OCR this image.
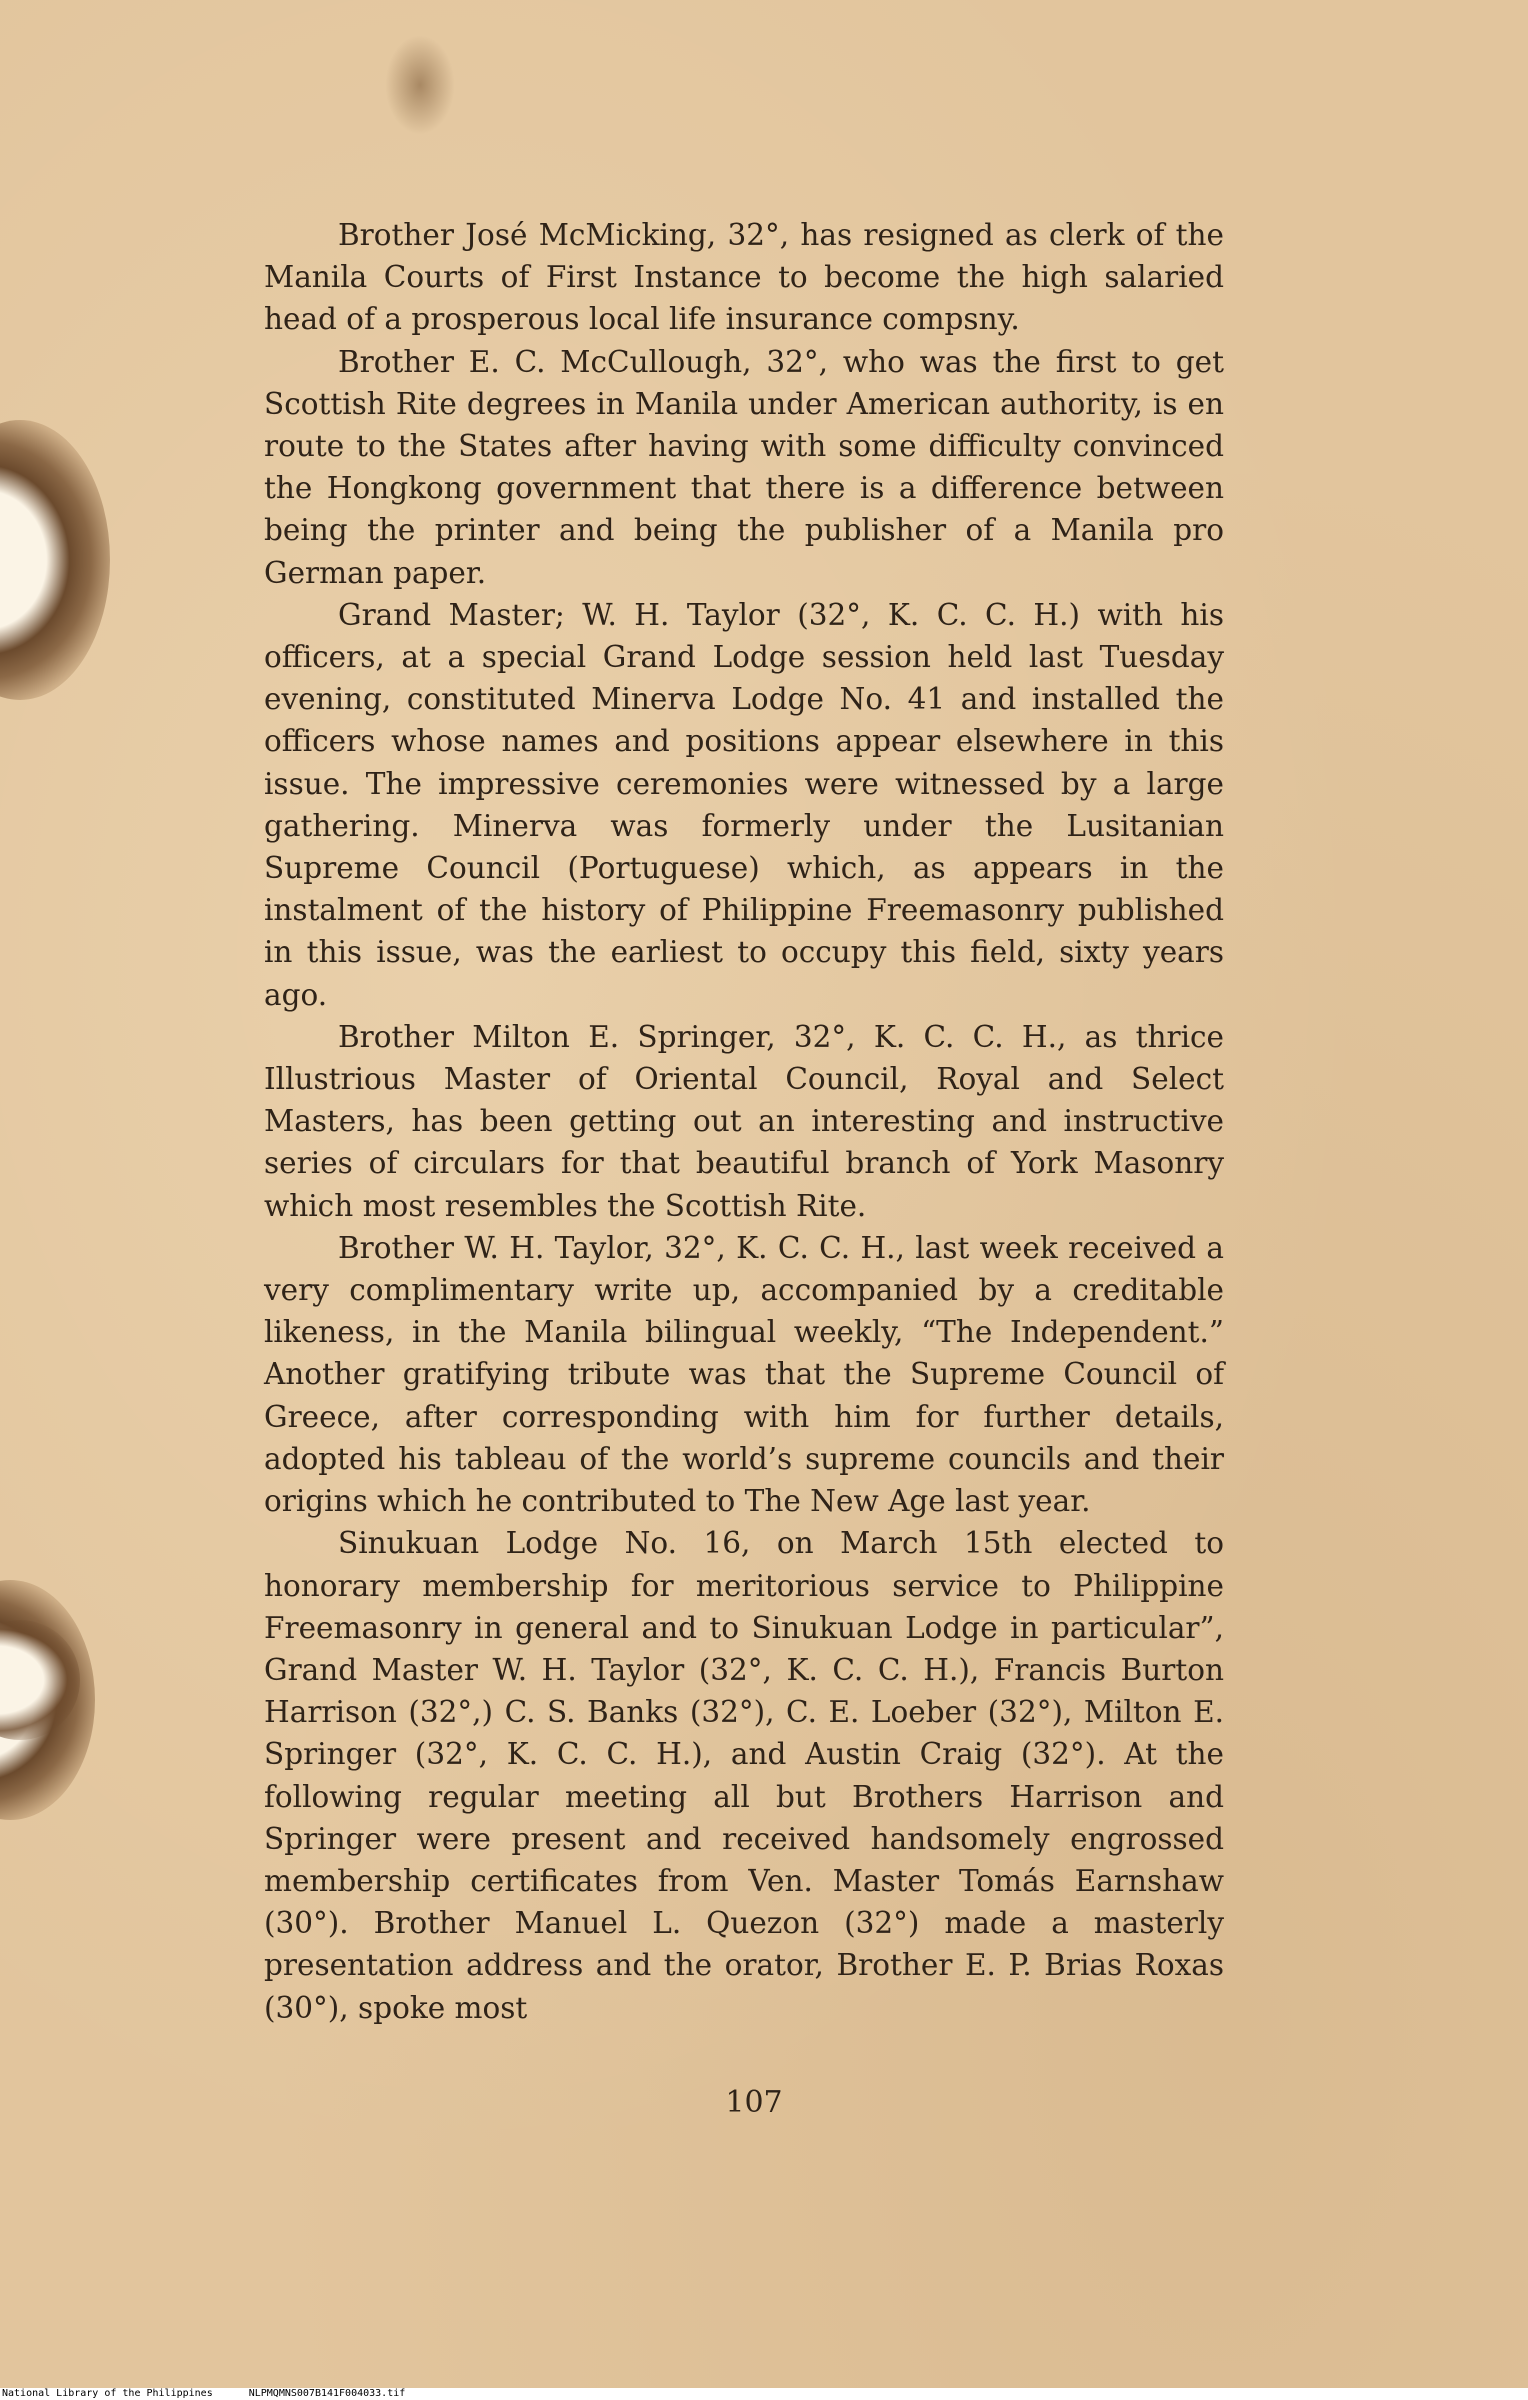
Brother José McMicking, 32°, has resigned as clerk of the Manila Courts of First Instance to become the high salaried head of a prosperous local life insurance compsny.

Brother E. C. McCullough, 32°, who was the first to get Scottish Rite degrees in Manila under American authority, is en route to the States after having with some difficulty convinced the Hongkong government that there is a difference between being the printer and being the publisher of a Manila pro German paper.

Grand Master; W. H. Taylor (32°, K. C. C. H.) with his officers, at a special Grand Lodge session held last Tuesday evening, constituted Minerva Lodge No. 41 and installed the officers whose names and positions appear elsewhere in this issue. The impressive ceremonies were witnessed by a large gathering. Minerva was formerly under the Lusitanian Supreme Council (Portuguese) which, as appears in the instalment of the history of Philippine Freemasonry published in this issue, was the earliest to occupy this field, sixty years ago.

Brother Milton E. Springer, 32°, K. C. C. H., as thrice Illustrious Master of Oriental Council, Royal and Select Masters, has been getting out an interesting and instructive series of circulars for that beautiful branch of York Masonry which most resembles the Scottish Rite.

Brother W. H. Taylor, 32°, K. C. C. H., last week received a very complimentary write up, accompanied by a creditable likeness, in the Manila bilingual weekly, “The Independent.” Another gratifying tribute was that the Supreme Council of Greece, after corresponding with him for further details, adopted his tableau of the world’s supreme councils and their origins which he contributed to The New Age last year.

Sinukuan Lodge No. 16, on March 15th elected to honorary membership for meritorious service to Philippine Freemasonry in general and to Sinukuan Lodge in particular”, Grand Master W. H. Taylor (32°, K. C. C. H.), Francis Burton Harrison (32°,) C. S. Banks (32°), C. E. Loeber (32°), Milton E. Springer (32°, K. C. C. H.), and Austin Craig (32°). At the following regular meeting all but Brothers Harrison and Springer were present and received handsomely engrossed membership certificates from Ven. Master Tomás Earnshaw (30°). Brother Manuel L. Quezon (32°) made a masterly presentation address and the orator, Brother E. P. Brias Roxas (30°), spoke most

107
National Library of the Philippines	NLPMQMNS007B141F004033.tif
